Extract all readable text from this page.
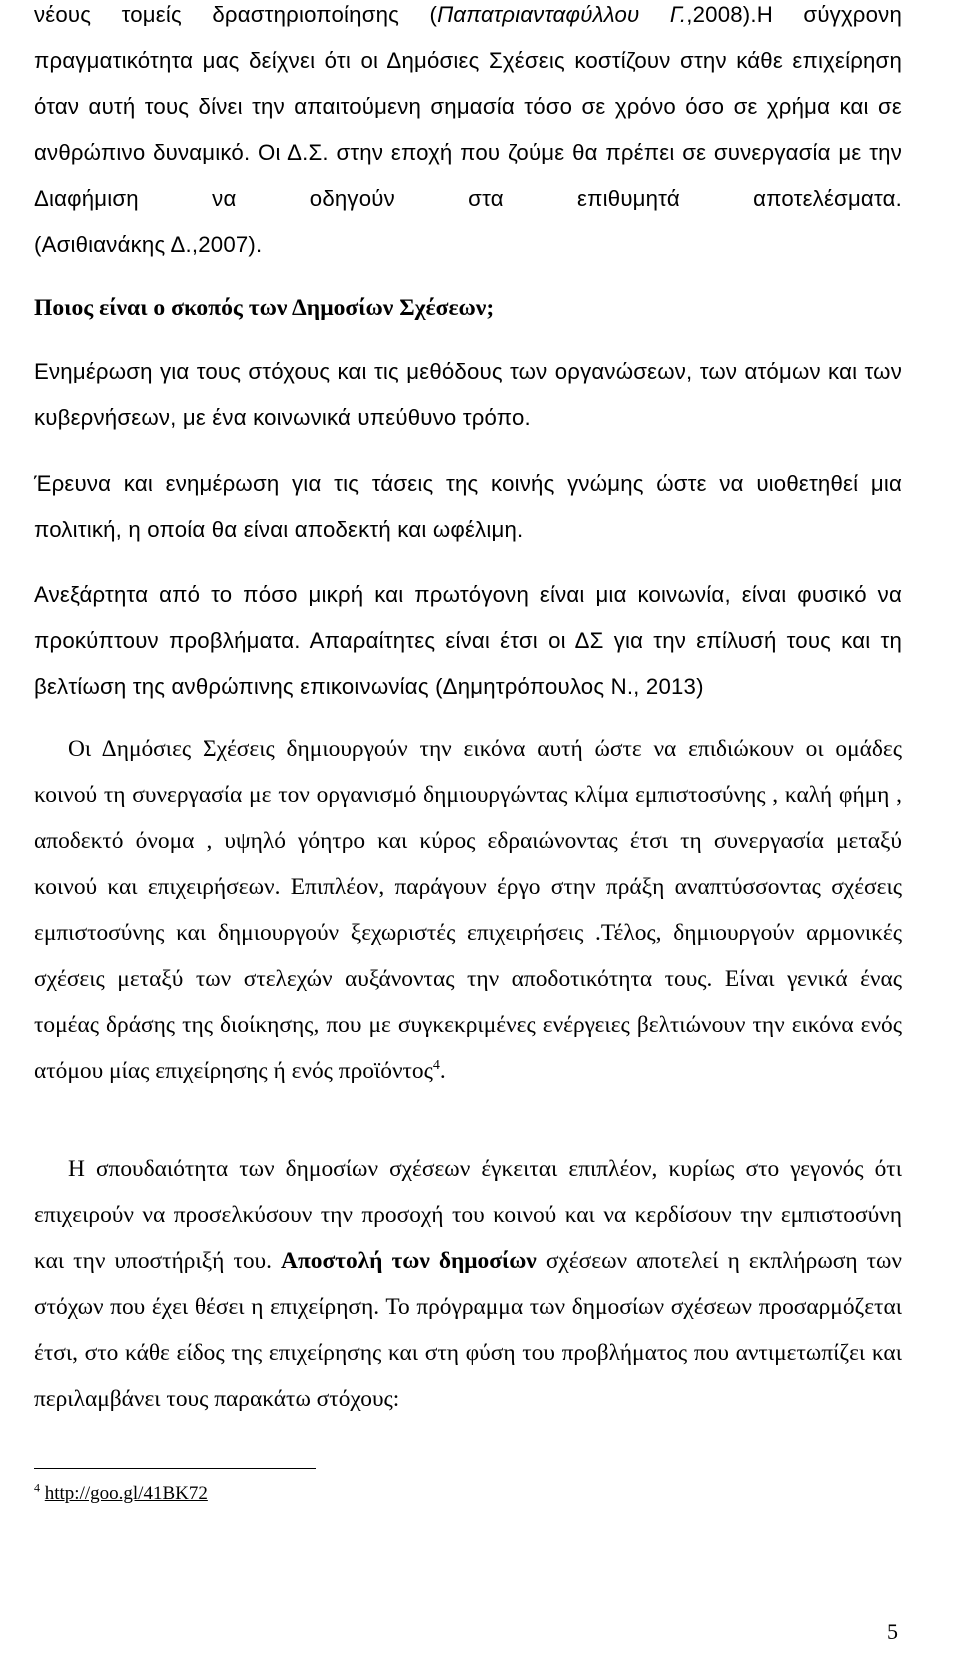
νέους τομείς δραστηριοποίησης (Παπατριανταφύλλου Γ.,2008).Η σύγχρονη
πραγματικότητα μας δείχνει ότι οι Δημόσιες Σχέσεις κοστίζουν στην κάθε επιχείρηση
όταν αυτή τους δίνει την απαιτούμενη σημασία τόσο σε χρόνο όσο σε χρήμα και σε
ανθρώπινο δυναμικό. Οι Δ.Σ. στην εποχή που ζούμε θα πρέπει σε συνεργασία με την
Διαφήμιση να οδηγούν στα επιθυμητά αποτελέσματα.
(Ασιθιανάκης Δ.,2007).
Ποιος είναι ο σκοπός των Δημοσίων Σχέσεων;

Ενημέρωση για τους στόχους και τις μεθόδους των οργανώσεων, των ατόμων και των κυβερνήσεων, με ένα κοινωνικά υπεύθυνο τρόπο.

Έρευνα και ενημέρωση για τις τάσεις της κοινής γνώμης ώστε να υιοθετηθεί μια πολιτική, η οποία θα είναι αποδεκτή και ωφέλιμη.

Ανεξάρτητα από το πόσο μικρή και πρωτόγονη είναι μια κοινωνία, είναι φυσικό να προκύπτουν προβλήματα. Απαραίτητες είναι έτσι οι ΔΣ για την επίλυσή τους και τη βελτίωση της ανθρώπινης επικοινωνίας (Δημητρόπουλος Ν., 2013)

Οι Δημόσιες Σχέσεις δημιουργούν την εικόνα αυτή ώστε να επιδιώκουν οι ομάδες κοινού τη συνεργασία με τον οργανισμό δημιουργώντας κλίμα εμπιστοσύνης , καλή φήμη , αποδεκτό όνομα , υψηλό γόητρο και κύρος εδραιώνοντας έτσι τη συνεργασία μεταξύ κοινού και επιχειρήσεων. Επιπλέον, παράγουν έργο στην πράξη αναπτύσσοντας σχέσεις εμπιστοσύνης και δημιουργούν ξεχωριστές επιχειρήσεις .Τέλος, δημιουργούν αρμονικές σχέσεις μεταξύ των στελεχών αυξάνοντας την αποδοτικότητα τους. Είναι γενικά ένας τομέας δράσης της διοίκησης, που με συγκεκριμένες ενέργειες βελτιώνουν την εικόνα ενός ατόμου μίας επιχείρησης ή ενός προϊόντος$^4$.

Η σπουδαιότητα των δημοσίων σχέσεων έγκειται επιπλέον, κυρίως στο γεγονός ότι επιχειρούν να προσελκύσουν την προσοχή του κοινού και να κερδίσουν την εμπιστοσύνη και την υποστήριξή του. Αποστολή των δημοσίων σχέσεων αποτελεί η εκπλήρωση των στόχων που έχει θέσει η επιχείρηση. Το πρόγραμμα των δημοσίων σχέσεων προσαρμόζεται έτσι, στο κάθε είδος της επιχείρησης και στη φύση του προβλήματος που αντιμετωπίζει και περιλαμβάνει τους παρακάτω στόχους:

$^4$ http://goo.gl/41BK72
5
